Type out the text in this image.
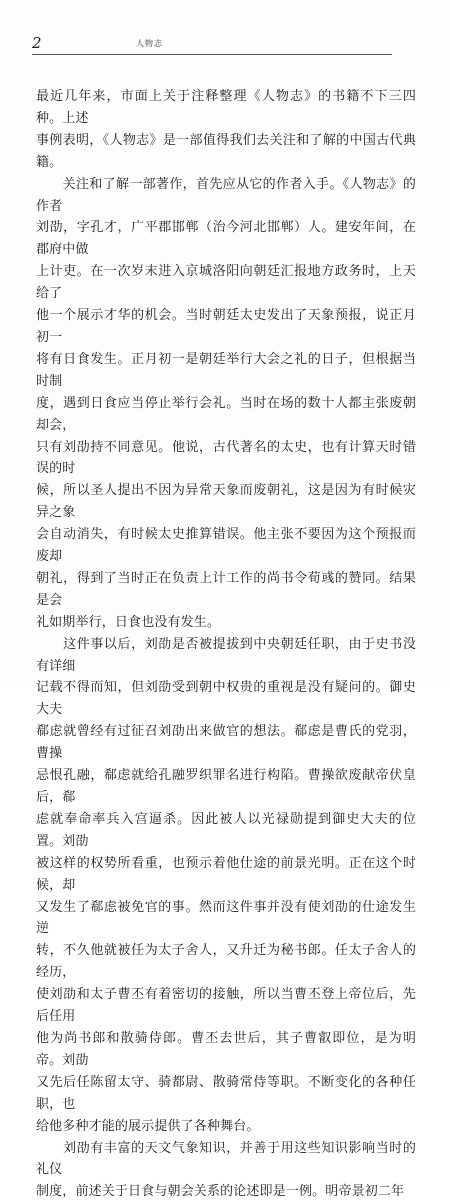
2	人物志

最近几年来，市面上关于注释整理《人物志》的书籍不下三四种。上述
事例表明，《人物志》是一部值得我们去关注和了解的中国古代典籍。

　　关注和了解一部著作，首先应从它的作者入手。《人物志》的作者
刘劭，字孔才，广平郡邯郸（治今河北邯郸）人。建安年间，在郡府中做
上计吏。在一次岁末进入京城洛阳向朝廷汇报地方政务时，上天给了
他一个展示才华的机会。当时朝廷太史发出了天象预报，说正月初一
将有日食发生。正月初一是朝廷举行大会之礼的日子，但根据当时制
度，遇到日食应当停止举行会礼。当时在场的数十人都主张废朝却会，
只有刘劭持不同意见。他说，古代著名的太史，也有计算天时错误的时
候，所以圣人提出不因为异常天象而废朝礼，这是因为有时候灾异之象
会自动消失，有时候太史推算错误。他主张不要因为这个预报而废却
朝礼，得到了当时正在负责上计工作的尚书令荀彧的赞同。结果是会
礼如期举行，日食也没有发生。

　　这件事以后，刘劭是否被提拔到中央朝廷任职，由于史书没有详细
记载不得而知，但刘劭受到朝中权贵的重视是没有疑问的。御史大夫
郗虑就曾经有过征召刘劭出来做官的想法。郗虑是曹氏的党羽，曹操
忌恨孔融，郗虑就给孔融罗织罪名进行构陷。曹操欲废献帝伏皇后，郗
虑就奉命率兵入宫逼杀。因此被人以光禄勋提到御史大夫的位置。刘劭
被这样的权势所看重，也预示着他仕途的前景光明。正在这个时候，却
又发生了郗虑被免官的事。然而这件事并没有使刘劭的仕途发生逆
转，不久他就被任为太子舍人，又升迁为秘书郎。任太子舍人的经历，
使刘劭和太子曹丕有着密切的接触，所以当曹丕登上帝位后，先后任用
他为尚书郎和散骑侍郎。曹丕去世后，其子曹叡即位，是为明帝。刘劭
又先后任陈留太守、骑都尉、散骑常侍等职。不断变化的各种任职，也
给他多种才能的展示提供了各种舞台。

　　刘劭有丰富的天文气象知识，并善于用这些知识影响当时的礼仪
制度，前述关于日食与朝会关系的论述即是一例。明帝景初二年
